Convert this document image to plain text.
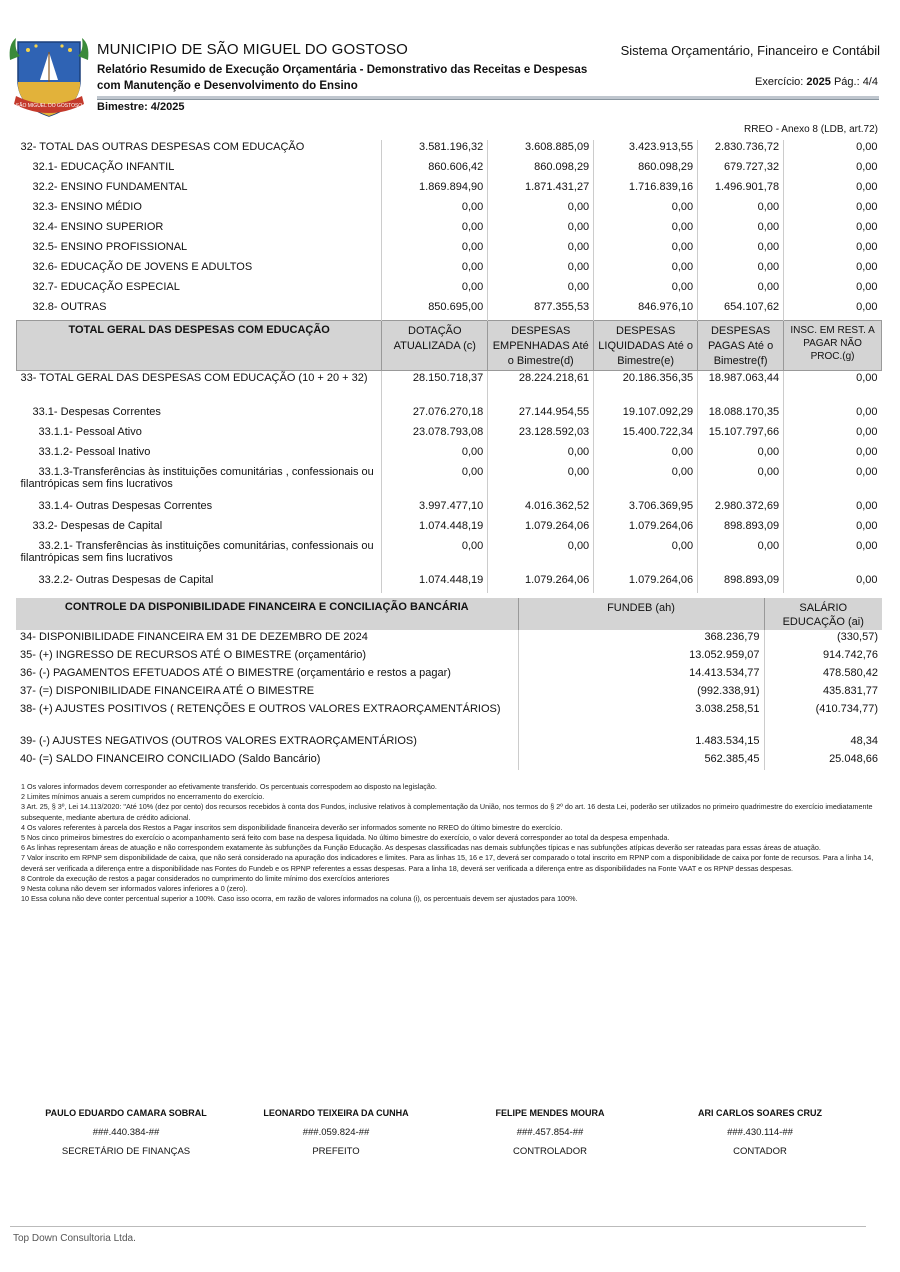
SÃO MIGUEL DO GOSTOSO
MUNICIPIO DE SÃO MIGUEL DO GOSTOSO	Sistema Orçamentário, Financeiro e Contábil
Relatório Resumido de Execução Orçamentária - Demonstrativo das Receitas e Despesas
com Manutenção e Desenvolvimento do Ensino	Exercício: 2025 Pág.: 4/4
Bimestre: 4/2025
RREO - Anexo 8 (LDB, art.72)
32- TOTAL DAS OUTRAS DESPESAS COM EDUCAÇÃO	3.581.196,32	3.608.885,09	3.423.913,55	2.830.736,72	0,00
32.1- EDUCAÇÃO INFANTIL	860.606,42	860.098,29	860.098,29	679.727,32	0,00
32.2- ENSINO FUNDAMENTAL	1.869.894,90	1.871.431,27	1.716.839,16	1.496.901,78	0,00
32.3- ENSINO MÉDIO	0,00	0,00	0,00	0,00	0,00
32.4- ENSINO SUPERIOR	0,00	0,00	0,00	0,00	0,00
32.5- ENSINO PROFISSIONAL	0,00	0,00	0,00	0,00	0,00
32.6- EDUCAÇÃO DE JOVENS E ADULTOS	0,00	0,00	0,00	0,00	0,00
32.7- EDUCAÇÃO ESPECIAL	0,00	0,00	0,00	0,00	0,00
32.8- OUTRAS	850.695,00	877.355,53	846.976,10	654.107,62	0,00
TOTAL GERAL DAS DESPESAS COM EDUCAÇÃO	DOTAÇÃO ATUALIZADA (c)	DESPESAS EMPENHADAS Até o Bimestre(d)	DESPESAS LIQUIDADAS Até o Bimestre(e)	DESPESAS PAGAS Até o Bimestre(f)	INSC. EM REST. A PAGAR NÃO PROC.(g)
33- TOTAL GERAL DAS DESPESAS COM EDUCAÇÃO (10 + 20 + 32)	28.150.718,37	28.224.218,61	20.186.356,35	18.987.063,44	0,00
33.1- Despesas Correntes	27.076.270,18	27.144.954,55	19.107.092,29	18.088.170,35	0,00
33.1.1- Pessoal Ativo	23.078.793,08	23.128.592,03	15.400.722,34	15.107.797,66	0,00
33.1.2- Pessoal Inativo	0,00	0,00	0,00	0,00	0,00
33.1.3-Transferências às instituições comunitárias , confessionais ou filantrópicas sem fins lucrativos	0,00	0,00	0,00	0,00	0,00
33.1.4- Outras Despesas Correntes	3.997.477,10	4.016.362,52	3.706.369,95	2.980.372,69	0,00
33.2- Despesas de Capital	1.074.448,19	1.079.264,06	1.079.264,06	898.893,09	0,00
33.2.1- Transferências às instituições comunitárias, confessionais ou filantrópicas sem fins lucrativos	0,00	0,00	0,00	0,00	0,00
33.2.2- Outras Despesas de Capital	1.074.448,19	1.079.264,06	1.079.264,06	898.893,09	0,00
CONTROLE DA DISPONIBILIDADE FINANCEIRA E CONCILIAÇÃO BANCÁRIA	FUNDEB (ah)	SALÁRIO EDUCAÇÃO (ai)
34- DISPONIBILIDADE FINANCEIRA EM 31 DE DEZEMBRO DE 2024	368.236,79	(330,57)
35- (+) INGRESSO DE RECURSOS ATÉ O BIMESTRE (orçamentário)	13.052.959,07	914.742,76
36- (-) PAGAMENTOS EFETUADOS ATÉ O BIMESTRE (orçamentário e restos a pagar)	14.413.534,77	478.580,42
37- (=) DISPONIBILIDADE FINANCEIRA ATÉ O BIMESTRE	(992.338,91)	435.831,77
38- (+) AJUSTES POSITIVOS ( RETENÇÕES E OUTROS VALORES EXTRAORÇAMENTÁRIOS)	3.038.258,51	(410.734,77)
39- (-) AJUSTES NEGATIVOS (OUTROS VALORES EXTRAORÇAMENTÁRIOS)	1.483.534,15	48,34
40- (=) SALDO FINANCEIRO CONCILIADO (Saldo Bancário)	562.385,45	25.048,66
1 Os valores informados devem corresponder ao efetivamente transferido. Os percentuais correspodem ao disposto na legislação.
2 Limites mínimos anuais a serem cumpridos no encerramento do exercício.
3 Art. 25, § 3º, Lei 14.113/2020: "Até 10% (dez por cento) dos recursos recebidos à conta dos Fundos, inclusive relativos à complementação da União, nos termos do § 2º do art. 16 desta Lei, poderão ser utilizados no primeiro quadrimestre do exercício imediatamente subsequente, mediante abertura de crédito adicional.
4 Os valores referentes à parcela dos Restos a Pagar inscritos sem disponibilidade financeira deverão ser informados somente no RREO do último bimestre do exercício.
5 Nos cinco primeiros bimestres do exercício o acompanhamento será feito com base na despesa liquidada. No último bimestre do exercício, o valor deverá corresponder ao total da despesa empenhada.
6 As linhas representam áreas de atuação e não correspondem exatamente às subfunções da Função Educação. As despesas classificadas nas demais subfunções típicas e nas subfunções atípicas deverão ser rateadas para essas áreas de atuação.
7 Valor inscrito em RPNP sem disponibilidade de caixa, que não será considerado na apuração dos indicadores e limites. Para as linhas 15, 16 e 17, deverá ser comparado o total inscrito em RPNP com a disponibilidade de caixa por fonte de recursos. Para a linha 14, deverá ser verificada a diferença entre a disponibilidade nas Fontes do Fundeb e os RPNP referentes a essas despesas. Para a linha 18, deverá ser verificada a diferença entre as disponibilidades na Fonte VAAT e os RPNP dessas despesas.
8 Controle da execução de restos a pagar considerados no cumprimento do limite mínimo dos exercícios anteriores
9 Nesta coluna não devem ser informados valores inferiores a 0 (zero).
10 Essa coluna não deve conter percentual superior a 100%. Caso isso ocorra, em razão de valores informados na coluna (i), os percentuais devem ser ajustados para 100%.
PAULO EDUARDO CAMARA SOBRAL
###.440.384-##
SECRETÁRIO DE FINANÇAS
LEONARDO TEIXEIRA DA CUNHA
###.059.824-##
PREFEITO
FELIPE MENDES MOURA
###.457.854-##
CONTROLADOR
ARI CARLOS SOARES CRUZ
###.430.114-##
CONTADOR
Top Down Consultoria Ltda.
